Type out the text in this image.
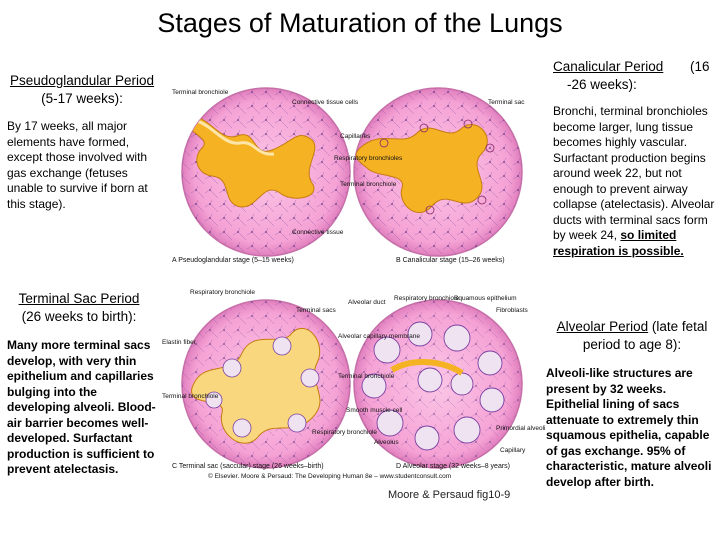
Stages of Maturation of the Lungs
Pseudoglandular Period (5-17 weeks):
By 17 weeks, all major elements have formed, except those involved with gas exchange (fetuses unable to survive if born at this stage).
Canalicular Period (16
-26 weeks):
Bronchi, terminal bronchioles become larger, lung tissue becomes highly vascular. Surfactant production begins around week 22, but not enough to prevent airway collapse (atelectasis). Alveolar ducts with terminal sacs form by week 24, so limited respiration is possible.
Terminal Sac Period
(26 weeks to birth):
Many more terminal sacs develop, with very thin epithelium and capillaries bulging into the developing alveoli. Blood-air barrier becomes well-developed. Surfactant production is sufficient to prevent atelectasis.
Alveolar Period (late fetal period to age 8):
Alveoli-like structures are present by 32 weeks. Epithelial lining of sacs attenuate to extremely thin squamous epithelia, capable of gas exchange. 95% of characteristic, mature alveoli develop after birth.
Terminal bronchiole
Connective tissue cells	Terminal sac
Capillaries
Respiratory bronchioles
Terminal bronchiole
Connective tissue
A Pseudoglandular stage (5–15 weeks)	B Canalicular stage (15–26 weeks)
Respiratory bronchiole
Terminal sacs
Alveolar duct
Respiratory bronchiole
Squamous epithelium
Fibroblasts
Elastin fiber
Alveolar capillary membrane
Terminal bronchiole
Terminal bronchiole
Smooth muscle cell
Respiratory bronchiole
Alveolus
Primordial alveoli
Capillary
C Terminal sac (saccular) stage (26 weeks–birth)	D Alveolar stage (32 weeks–8 years)
© Elsevier. Moore & Persaud: The Developing Human 8e – www.studentconsult.com
Moore & Persaud fig10-9
